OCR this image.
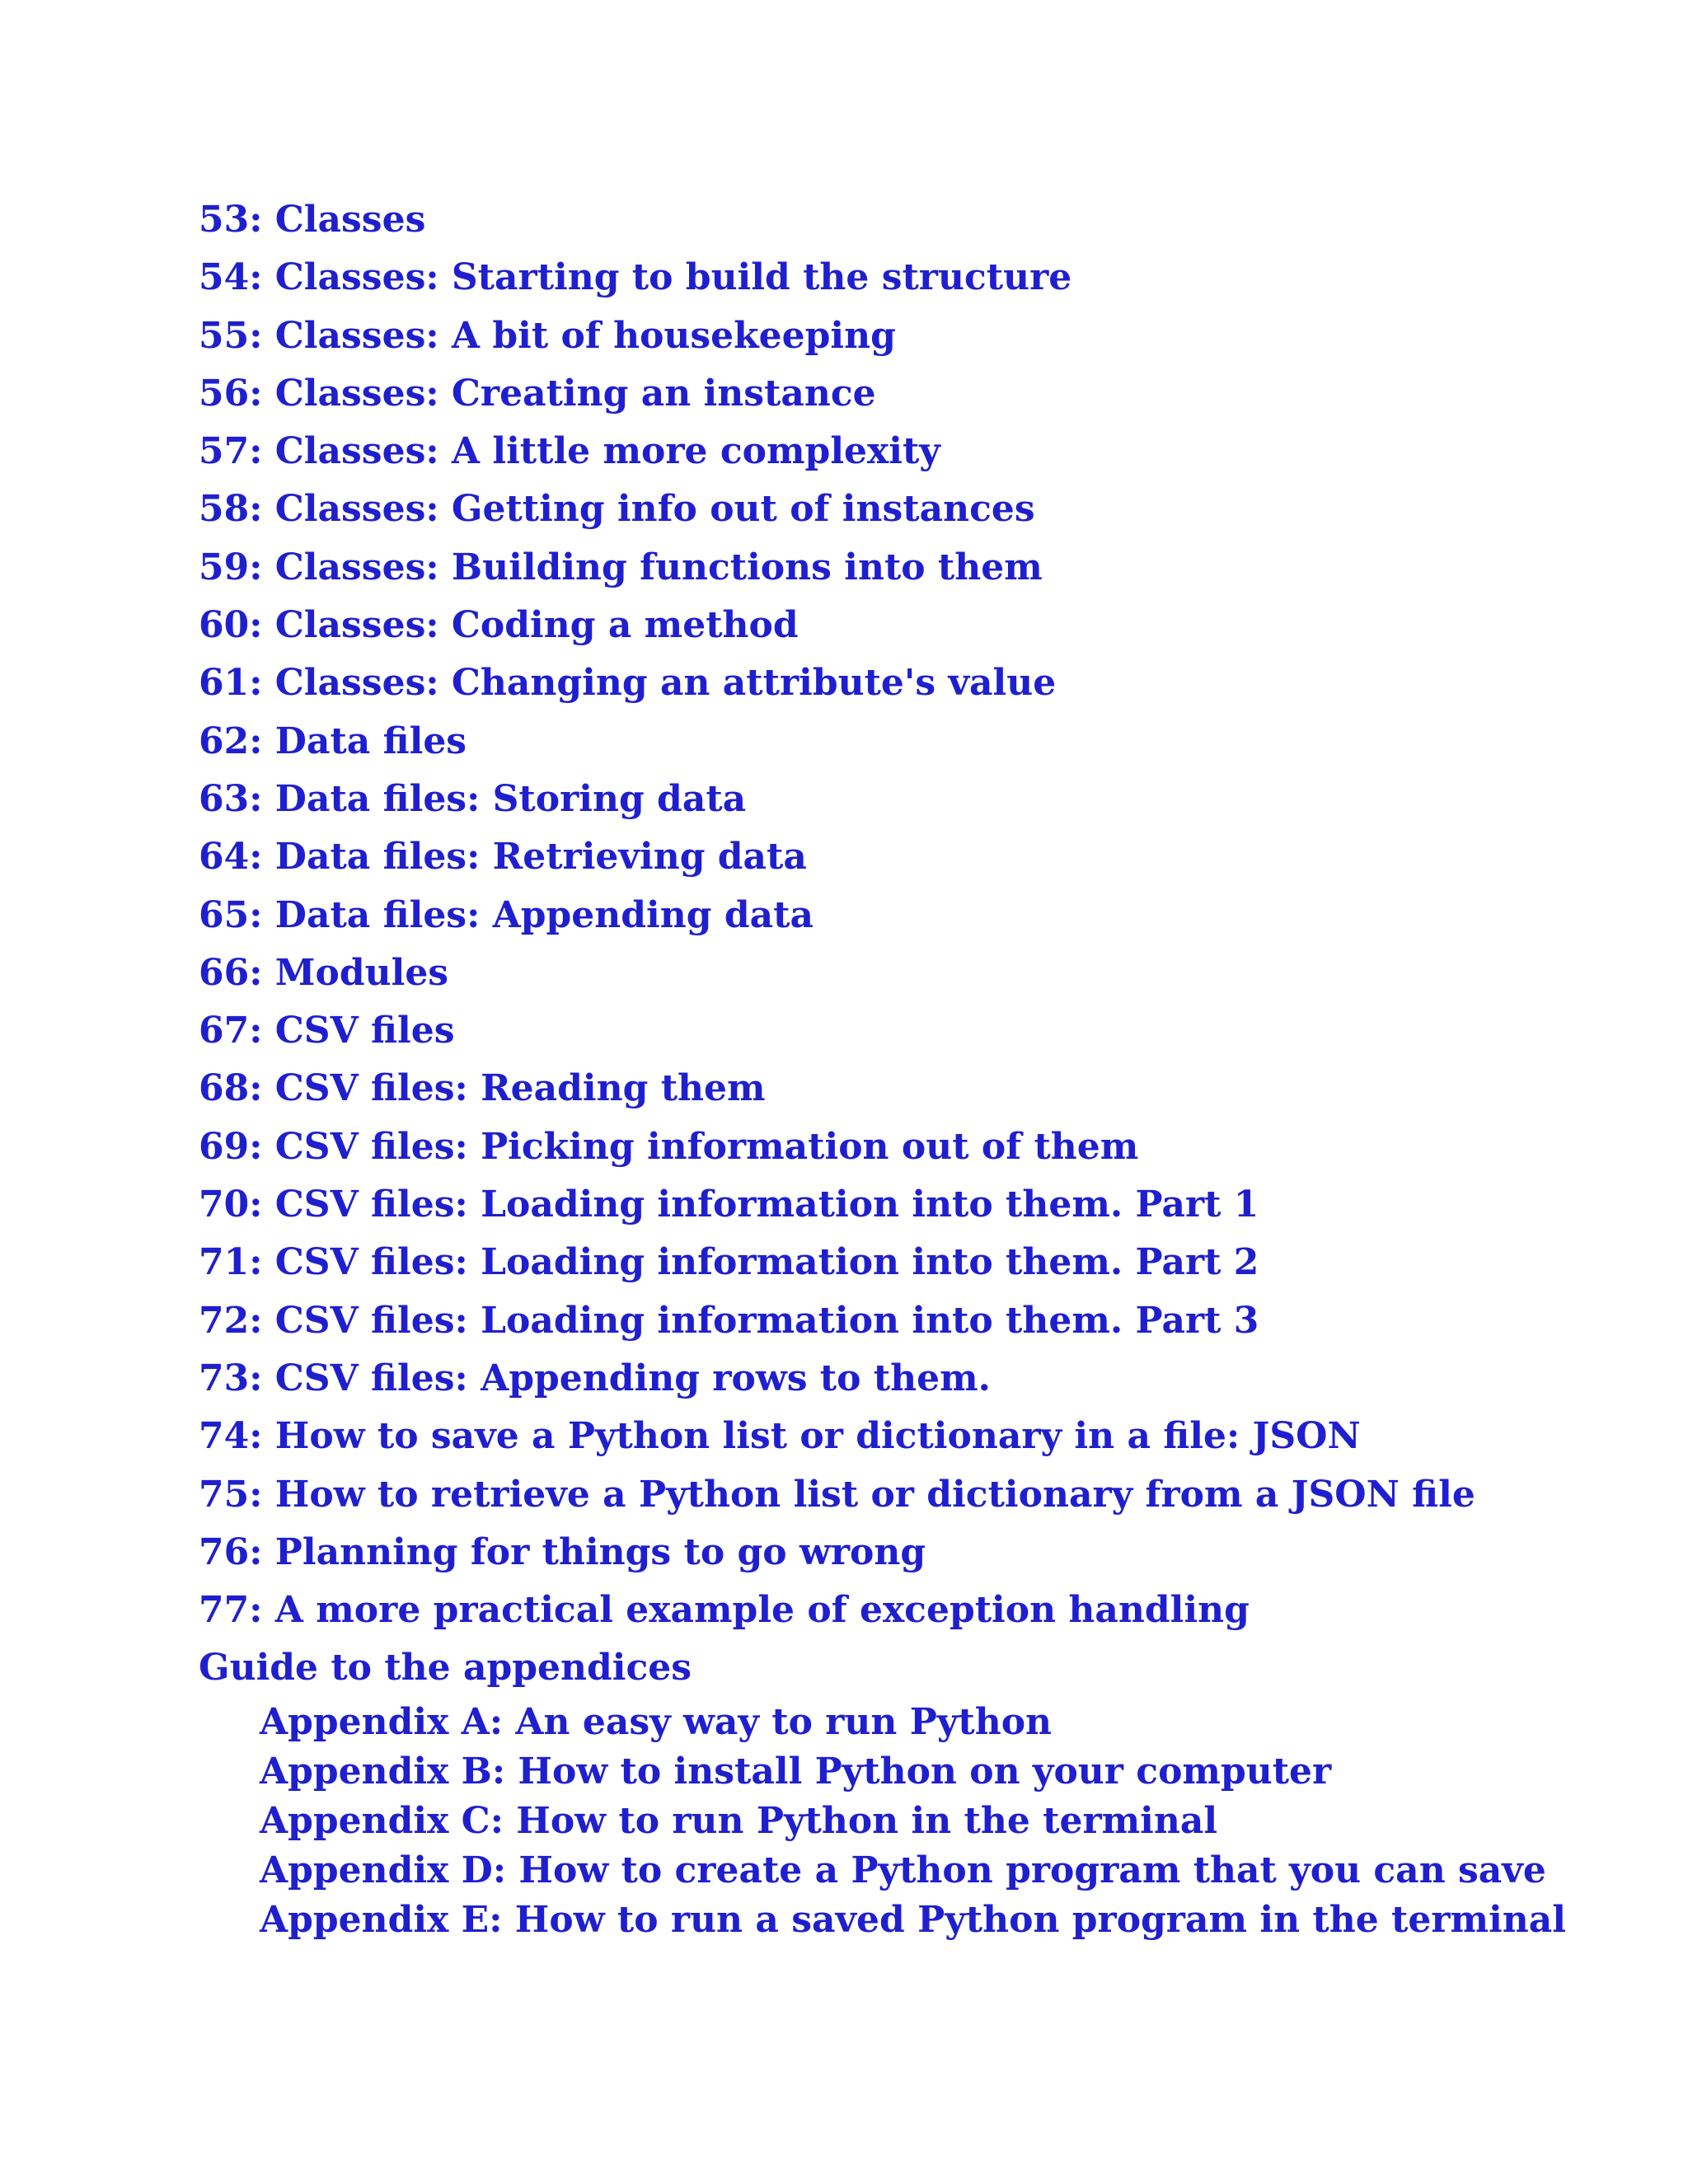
53: Classes
54: Classes: Starting to build the structure
55: Classes: A bit of housekeeping
56: Classes: Creating an instance
57: Classes: A little more complexity
58: Classes: Getting info out of instances
59: Classes: Building functions into them
60: Classes: Coding a method
61: Classes: Changing an attribute's value
62: Data files
63: Data files: Storing data
64: Data files: Retrieving data
65: Data files: Appending data
66: Modules
67: CSV files
68: CSV files: Reading them
69: CSV files: Picking information out of them
70: CSV files: Loading information into them. Part 1
71: CSV files: Loading information into them. Part 2
72: CSV files: Loading information into them. Part 3
73: CSV files: Appending rows to them.
74: How to save a Python list or dictionary in a file: JSON
75: How to retrieve a Python list or dictionary from a JSON file
76: Planning for things to go wrong
77: A more practical example of exception handling
Guide to the appendices
Appendix A: An easy way to run Python
Appendix B: How to install Python on your computer
Appendix C: How to run Python in the terminal
Appendix D: How to create a Python program that you can save
Appendix E: How to run a saved Python program in the terminal
